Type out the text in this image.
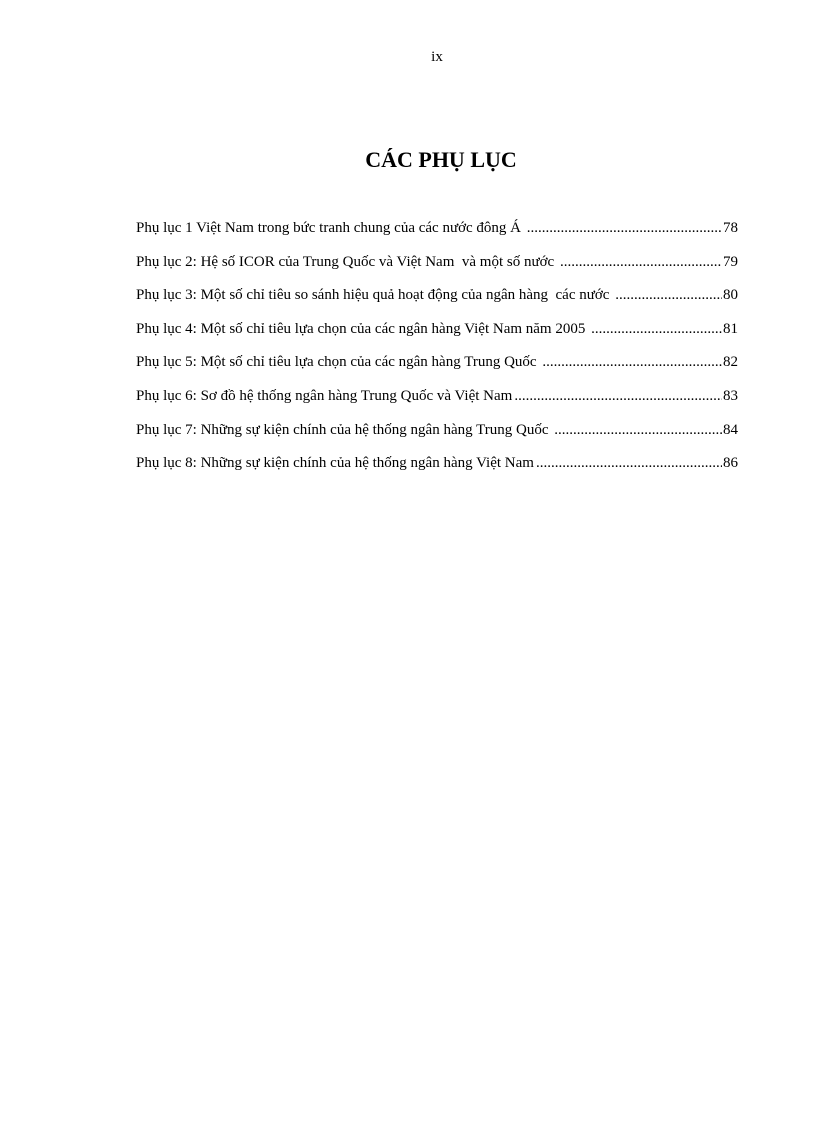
ix
CÁC PHỤ LỤC
Phụ lục 1 Việt Nam trong bức tranh chung của các nước đông Á .....	78
Phụ lục 2: Hệ số ICOR của Trung Quốc và Việt Nam  và một số nước .....	79
Phụ lục 3: Một số chỉ tiêu so sánh hiệu quả hoạt động của ngân hàng  các nước .....	80
Phụ lục 4: Một số chỉ tiêu lựa chọn của các ngân hàng Việt Nam năm 2005 .....	81
Phụ lục 5: Một số chỉ tiêu lựa chọn của các ngân hàng Trung Quốc .....	82
Phụ lục 6: Sơ đồ hệ thống ngân hàng Trung Quốc và Việt Nam .....	83
Phụ lục 7: Những sự kiện chính của hệ thống ngân hàng Trung Quốc .....	84
Phụ lục 8: Những sự kiện chính của hệ thống ngân hàng Việt Nam .....	86
